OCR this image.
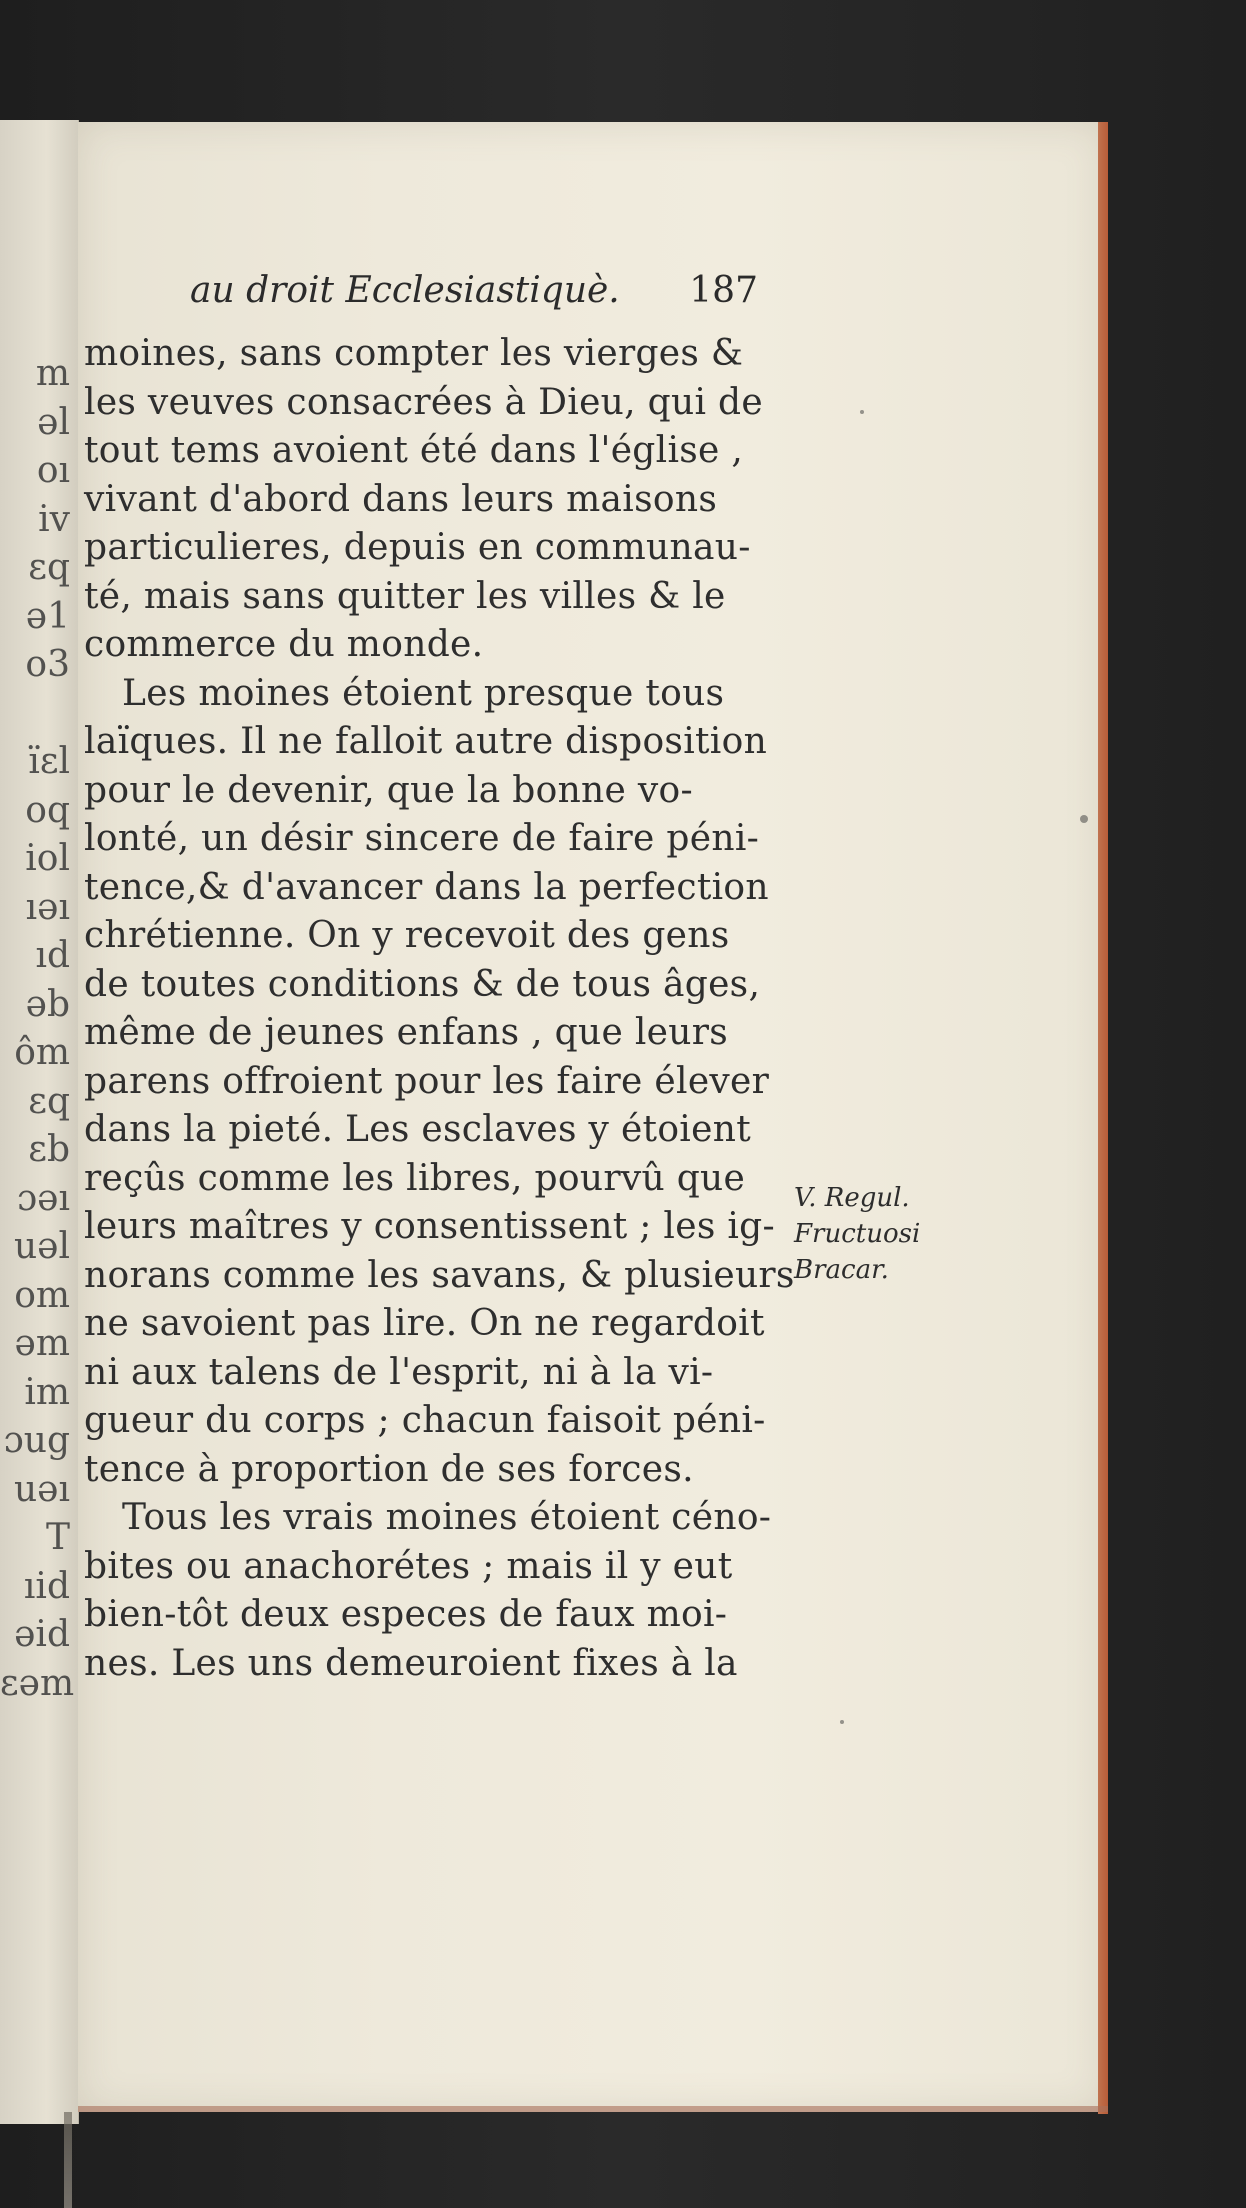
m
əl
oı
iv
ɛq
ə1
o3
ïɛl
oq
iol
ıəı
ıd
əb
ôm
ɛq
ɛb
ɔəı
uəl
om
əm
im
ɔug
uəı
T
ıid
əid
ɛəm
au droit Ecclesiastiquè. 187
moines, sans compter les vierges &
les veuves consacrées à Dieu, qui de
tout tems avoient été dans l'église ,
vivant d'abord dans leurs maisons
particulieres, depuis en communau-
té, mais sans quitter les villes & le
commerce du monde.
Les moines étoient presque tous
laïques. Il ne falloit autre disposition
pour le devenir, que la bonne vo-
lonté, un désir sincere de faire péni-
tence,& d'avancer dans la perfection
chrétienne. On y recevoit des gens
de toutes conditions & de tous âges,
même de jeunes enfans , que leurs
parens offroient pour les faire élever
dans la pieté. Les esclaves y étoient
reçûs comme les libres, pourvû que
leurs maîtres y consentissent ; les ig-
norans comme les savans, & plusieurs
ne savoient pas lire. On ne regardoit
ni aux talens de l'esprit, ni à la vi-
gueur du corps ; chacun faisoit péni-
tence à proportion de ses forces.
Tous les vrais moines étoient céno-
bites ou anachorétes ; mais il y eut
bien-tôt deux especes de faux moi-
nes. Les uns demeuroient fixes à la
V. Regul.
Fructuosi
Bracar.
